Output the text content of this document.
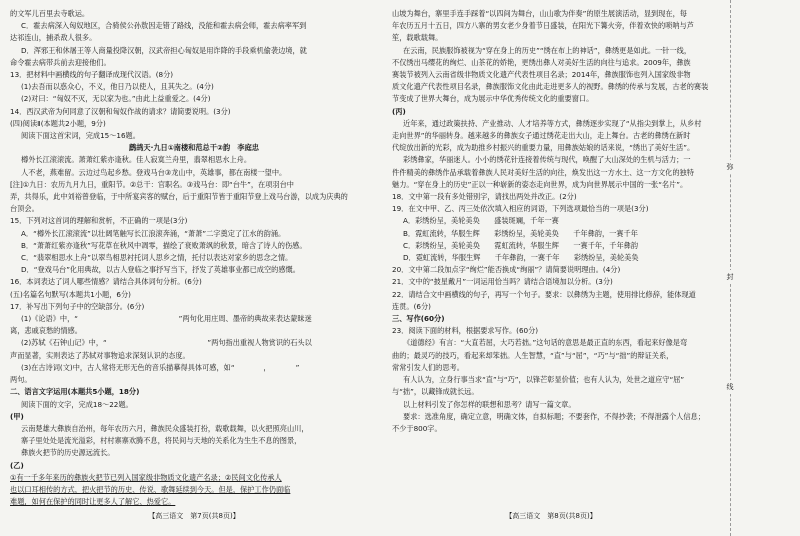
的文军儿百里去寺歌运。
C．霍去病深入匈奴地区，合骑侯公孙敖因走错了路线，没能和霍去病会师，霍去病率军到
达祁连山，捕杀敌人很多。
D．浑邪王和休屠王等人商量投降汉朝，汉武帝担心匈奴是用诈降的手段乘机偷袭边境，就
命令霍去病带兵前去迎接他们。
13．把材料中画横线的句子翻译成现代汉语。(8分)
(1)去吾而以惑众心，不义，他日乃以使人，且其失之。(4分)
(2)对曰：“匈奴不灭，无以家为也。”由此上益重爱之。(4分)
14．西汉武帝为何同意了汉朝和匈奴作战的请求？请简要说明。(3分)
(四)阅读Ⅱ(本题共2小题，9分)
阅读下面这首宋词，完成15～16题。
鹧鸪天·九日①南楼和范总干②韵　李庭忠
樽外长江滚滚流。萧萧红紫亦逢秋。佳人寂寞兰舟里，翡翠相思水上舟。
人不老，燕难留。云边过鸟起乡愁。登戏马台③龙山中，英雄事，都在南楼一望中。
[注]①九日：农历九月九日，重阳节。②总干：官职名。③戏马台：即“台牛”，在项羽台中
弄，共得乐，此中刘裕曾登临，于中所宴宾客的赋台，后于重阳节皆于重阳节登上戏马台游，以成为庆典的
台顶会。
15．下列对这首词的理解和赏析，不正确的一项是(3分)
A．“樽外长江滚滚流”以壮阔笔触写长江浪滚奔涌，“萧萧”二字奠定了江水的韵涌。
B．“萧萧红紫亦逢秋”写花草在秋风中凋零，描绘了衰败萧飒的秋景，暗含了诗人的伤感。
C．“翡翠相思水上舟”以翠鸟相思衬托词人思乡之情，托付以表达对家乡的思念之情。
D．“登戏马台”化用典故，以古人登临之事抒写当下，抒发了英雄事业都已成空的感慨。
16．本词表达了词人哪些情感？请结合具体词句分析。(6分)
(五)名篇名句默写(本题共1小题，6分)
17．补写出下列句子中的空缺部分。(6分)
(1)《论语》中，“　　　　　　　　　　　　　　”两句化用庄周、墨帝的典故来表达蒙昧迷
离，悲戚哀愁的情感。
(2)苏轼《石钟山记》中，“　　　　　　　　　　　　　　”两句指出重视人物赏识的石头以
声而显著，实则表达了苏轼对事物追求深刻认识的态度。
(3)在古诗词(文)中，古人常将无形无色的音乐描摹得具体可感，如“　　　　，　　　　”
两句。
二、语言文字运用(本题共5小题，18分)
阅读下面的文字，完成18～22题。
(甲)
云南楚雄大彝族自治州，每年农历六月，彝族民众盛装打扮，载歌载舞，以火把照亮山川，
寨子里处处是流光溢彩，村村寨寨欢腾不息，将民间与天地的关系化为生生不息的图景，
彝族火把节的历史源远流长。
(乙)
①有一千多年来历的彝族火把节已列入国家级非物质文化遗产名录；②民间文化传承人
也以口耳相传的方式，把火把节的历史、传说、歌舞延续到今天。但是，保护工作仍面临
难题，如何在保护的同时让更多人了解它、热爱它。
【高三语文　第7页(共8页)】
山坡为舞台，寨里手连手踩着“以四间为舞台，山山歌为伴奏”的原生展演活动，显到现在，每
年农历五月十五日，四方八寨的男女老少身着节日盛装，在阳光下篝火旁，伴着欢快的唢呐与芦
笙，载歌载舞。
在云南，民族服饰被视为“穿在身上的历史”“绣在布上的神话”，彝绣更是如此。一针一线，
不仅绣出马缨花的绚烂、山茶花的娇艳，更绣出彝人对美好生活的向往与追求。2009年，彝族
赛装节被列入云南省级非物质文化遗产代表性项目名录；2014年，彝族服饰也列入国家级非物
质文化遗产代表性项目名录，彝族服饰文化由此走进更多人的视野。彝绣的传承与发展，古老的赛装
节变成了世界大舞台，成为展示中华优秀传统文化的重要窗口。
(丙)
近年来，通过政策扶持、产业推动、人才培养等方式，彝绣逐步实现了“从指尖到掌上，从乡村
走向世界”的华丽转身。越来越多的彝族女子通过绣花走出大山，走上舞台。古老的彝绣在新时
代绽放出新的光彩，成为助推乡村振兴的重要力量，用彝族姑娘的话来说，“绣出了美好生活”。
彩绣彝家，华丽迷人。小小的绣花针连接着传统与现代，唤醒了大山深处的生机与活力；一
件件精美的彝绣作品承载着彝族人民对美好生活的向往，焕发出这一方水土、这一方文化的独特
魅力。“穿在身上的历史”正以一种崭新的姿态走向世界，成为向世界展示中国的一张“名片”。
18．文中第一段有多处错别字，请找出两处并改正。(2分)
19．在文中甲、乙、丙三处依次填入相应的词语，下列选项最恰当的一项是(3分)
A．彩绣纷呈，美轮美奂　　盛装斑斓，千年一赛
B．霓虹流转，华服生辉　　彩绣纷呈，美轮美奂　　千年彝韵，一赛千年
C．彩绣纷呈，美轮美奂　　霓虹流转，华服生辉　　一赛千年，千年彝韵
D．霓虹流转，华服生辉　　千年彝韵，一赛千年　　彩绣纷呈，美轮美奂
20．文中第二段加点字“绚烂”能否换成“绚丽”？请简要说明理由。(4分)
21．文中的“披星戴月”一词运用恰当吗？请结合语境加以分析。(3分)
22．请结合文中画横线的句子，再写一个句子。要求：以彝绣为主题，使用排比修辞，能体现道
连贯。(6分)
三、写作(60分)
23．阅读下面的材料，根据要求写作。(60分)
《道德经》有言：“大直若屈，大巧若拙。”这句话的意思是最正直的东西，看起来好像是弯
曲的；最灵巧的技巧，看起来却笨拙。人生智慧，“直”与“屈”，“巧”与“拙”的辩证关系，
常常引发人们的思考。
有人认为，立身行事当求“直”与“巧”，以锋芒彰显价值；也有人认为，处世之道应守“屈”
与“拙”，以藏锋成就长远。
以上材料引发了你怎样的联想和思考？请写一篇文章。
要求：选准角度，确定立意，明确文体，自拟标题；不要套作，不得抄袭；不得泄露个人信息；
不少于800字。
【高三语文　第8页(共8页)】
弥
封
线
